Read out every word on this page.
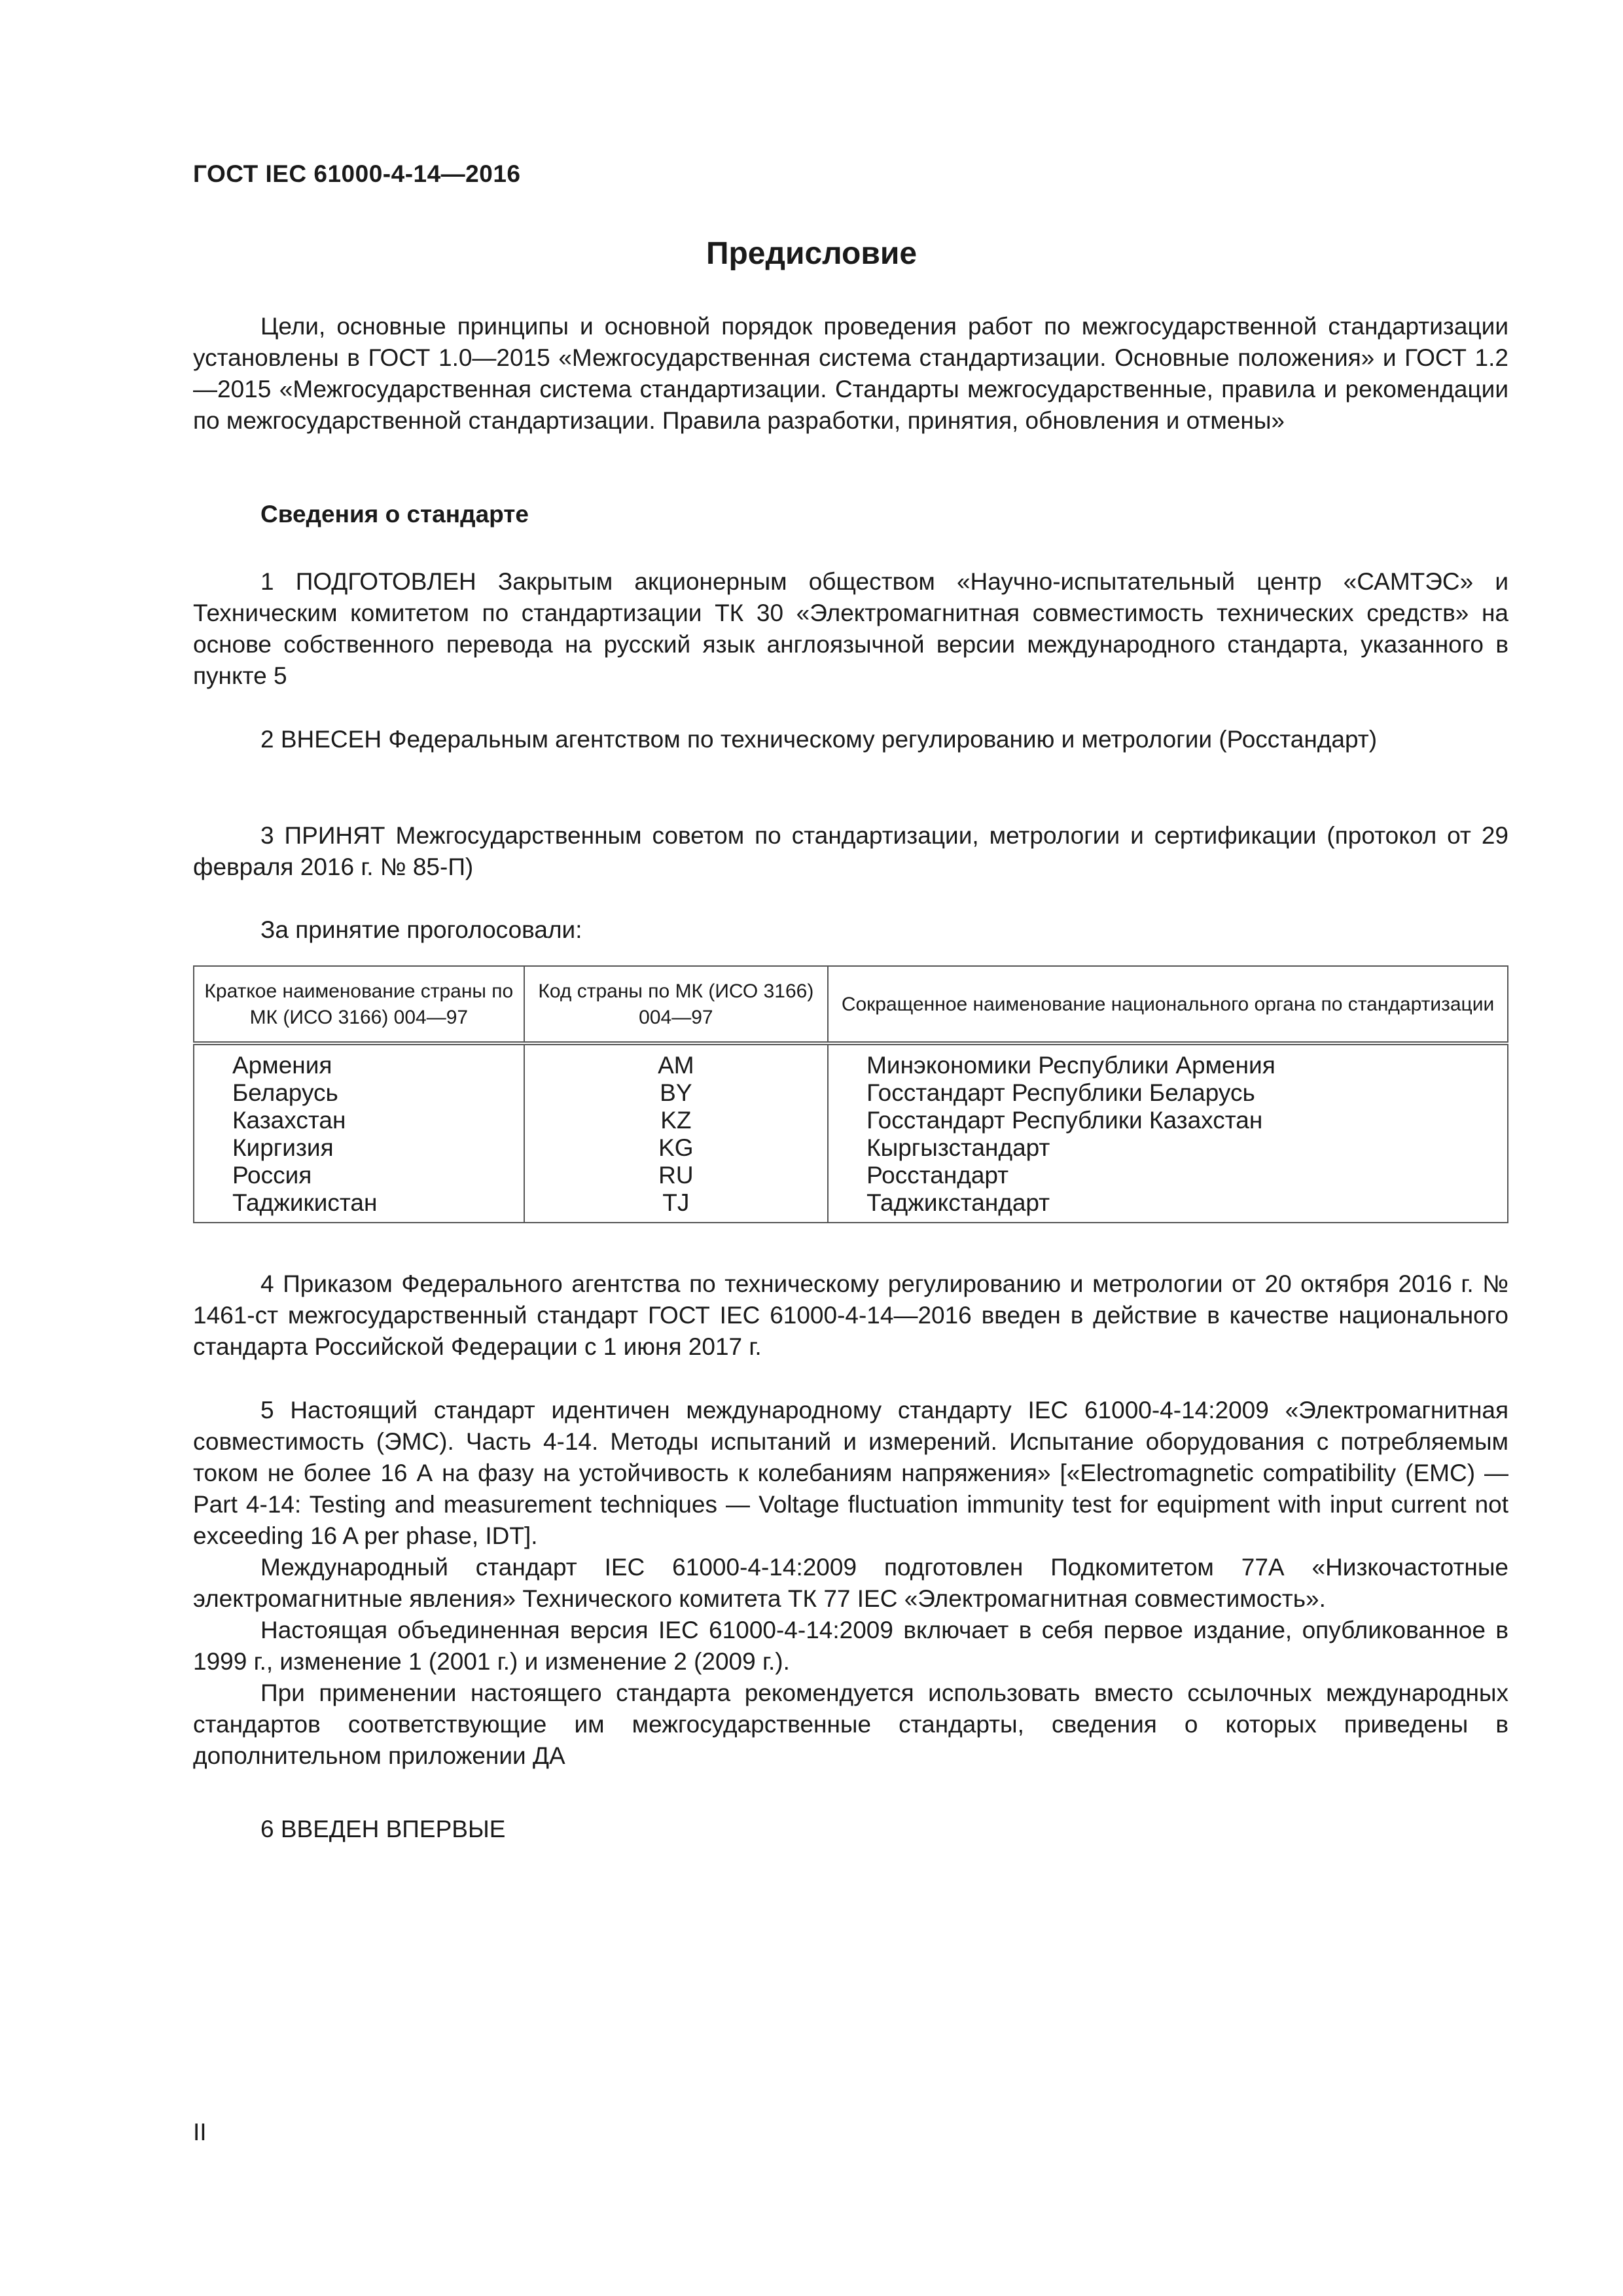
ГОСТ IEC 61000-4-14—2016
Предисловие

Цели, основные принципы и основной порядок проведения работ по межгосударственной стандартизации установлены в ГОСТ 1.0—2015 «Межгосударственная система стандартизации. Основные положения» и ГОСТ 1.2—2015 «Межгосударственная система стандартизации. Стандарты межгосударственные, правила и рекомендации по межгосударственной стандартизации. Правила разработки, принятия, обновления и отмены»

Сведения о стандарте

1 ПОДГОТОВЛЕН Закрытым акционерным обществом «Научно-испытательный центр «САМТЭС» и Техническим комитетом по стандартизации ТК 30 «Электромагнитная совместимость технических средств» на основе собственного перевода на русский язык англоязычной версии международного стандарта, указанного в пункте 5

2 ВНЕСЕН Федеральным агентством по техническому регулированию и метрологии (Росстандарт)

3 ПРИНЯТ Межгосударственным советом по стандартизации, метрологии и сертификации (протокол от 29 февраля 2016 г. № 85-П)

За принятие проголосовали:
Краткое наименование страны по МК (ИСО 3166) 004—97	Код страны по МК (ИСО 3166) 004—97	Сокращенное наименование национального органа по стандартизации
Армения	AM	Минэкономики Республики Армения
Беларусь	BY	Госстандарт Республики Беларусь
Казахстан	KZ	Госстандарт Республики Казахстан
Киргизия	KG	Кыргызстандарт
Россия	RU	Росстандарт
Таджикистан	TJ	Таджикстандарт

4 Приказом Федерального агентства по техническому регулированию и метрологии от 20 октября 2016 г. № 1461-ст межгосударственный стандарт ГОСТ IEC 61000-4-14—2016 введен в действие в качестве национального стандарта Российской Федерации с 1 июня 2017 г.

5 Настоящий стандарт идентичен международному стандарту IEC 61000-4-14:2009 «Электромагнитная совместимость (ЭМС). Часть 4-14. Методы испытаний и измерений. Испытание оборудования с потребляемым током не более 16 А на фазу на устойчивость к колебаниям напряжения» [«Electromagnetic compatibility (EMC) — Part 4-14: Testing and measurement techniques — Voltage fluctuation immunity test for equipment with input current not exceeding 16 A per phase, IDT].

Международный стандарт IEC 61000-4-14:2009 подготовлен Подкомитетом 77А «Низкочастотные электромагнитные явления» Технического комитета ТК 77 IEC «Электромагнитная совместимость».

Настоящая объединенная версия IEC 61000-4-14:2009 включает в себя первое издание, опубликованное в 1999 г., изменение 1 (2001 г.) и изменение 2 (2009 г.).

При применении настоящего стандарта рекомендуется использовать вместо ссылочных международных стандартов соответствующие им межгосударственные стандарты, сведения о которых приведены в дополнительном приложении ДА

6 ВВЕДЕН ВПЕРВЫЕ

II
